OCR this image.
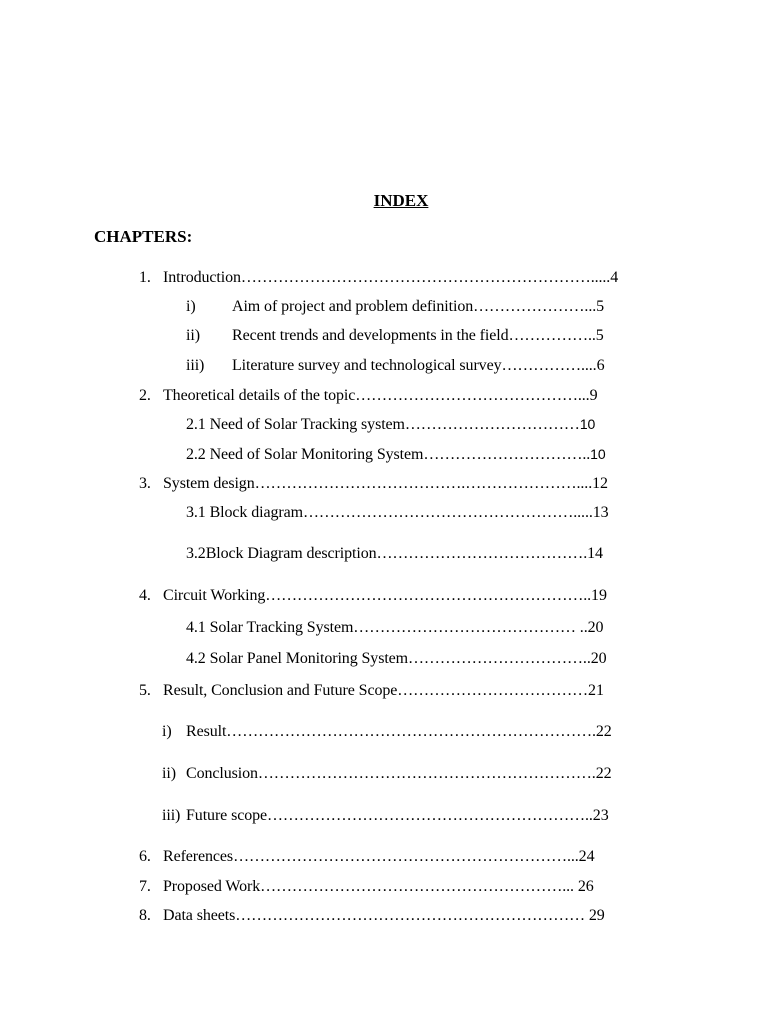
INDEX
CHAPTERS:
1. Introduction………………………………………………………….....4
i) Aim of project and problem definition…………………...5
ii) Recent trends and developments in the field……………..5
iii) Literature survey and technological survey……………....6
2. Theoretical details of the topic……………………………………...9
2.1 Need of Solar Tracking system……………………………10
2.2 Need of Solar Monitoring System…………………………..10
3. System design………………………………….…………………....12
3.1 Block diagram…………………………………………….....13
3.2Block Diagram description………………………………….14
4. Circuit Working……………………………………………………..19
4.1 Solar Tracking System…………………………………… ..20
4.2 Solar Panel Monitoring System……………………………..20
5. Result, Conclusion and Future Scope………………………………21
i) Result…………………………………………………………….22
ii) Conclusion……………………………………………………….22
iii) Future scope……………………………………………………..23
6. References………………………………………………………...24
7. Proposed Work…………………………………………………... 26
8. Data sheets………………………………………………………… 29
